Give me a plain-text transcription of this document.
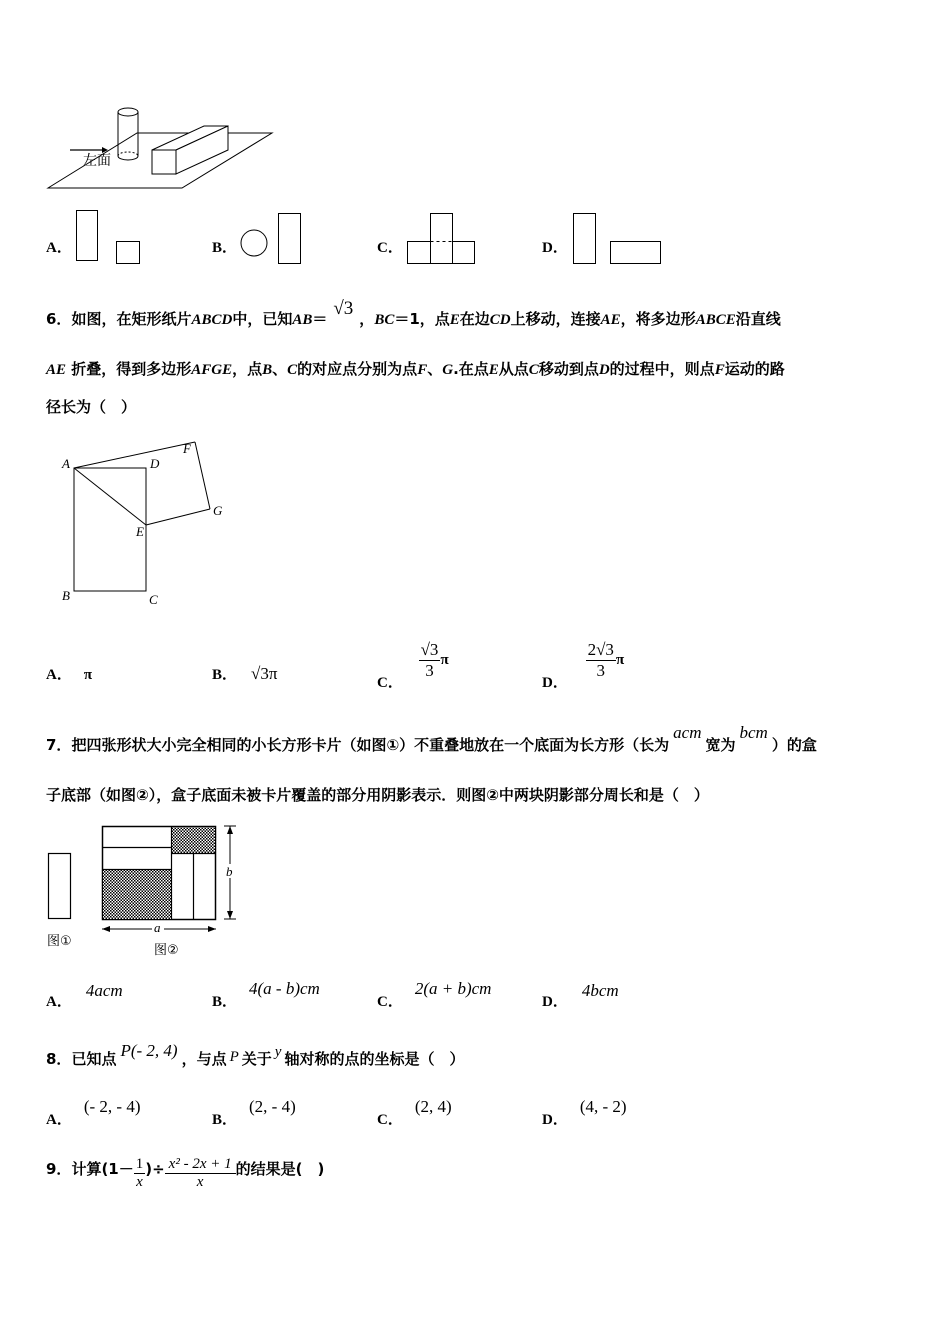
左面
A．	B．	C．	D．
6．如图，在矩形纸片ABCD中，已知AB＝ √3 ，BC＝1，点E在边CD上移动，连接AE，将多边形ABCE沿直线
AE 折叠，得到多边形AFGE，点B、C的对应点分别为点F、G.在点E从点C移动到点D的过程中，则点F运动的路
径长为（　）
A	D
F
G
E
B	C
A． π	B． √3π	C．
$\frac{√3}{3}$ π
D．
$\frac{2√3}{3}$ π
7．把四张形状大小完全相同的小长方形卡片（如图①）不重叠地放在一个底面为长方形（长为acm宽为bcm）的盒
子底部（如图②），盒子底面未被卡片覆盖的部分用阴影表示．则图②中两块阴影部分周长和是（　）
b
a
图①
图②
A．4acm
B．4(a - b)cm
C．2(a + b)cm
D．4bcm
8．已知点 P(- 2, 4) ，与点 P 关于 y 轴对称的点的坐标是（　）
A．(- 2, - 4)
B．(2, - 4)
C．(2, 4)
D．(4, - 2)
9．计算($1- \frac{1}{x}$ )÷ $\frac{\text{x² - 2x + 1}}{x}$ 的结果是(　)
